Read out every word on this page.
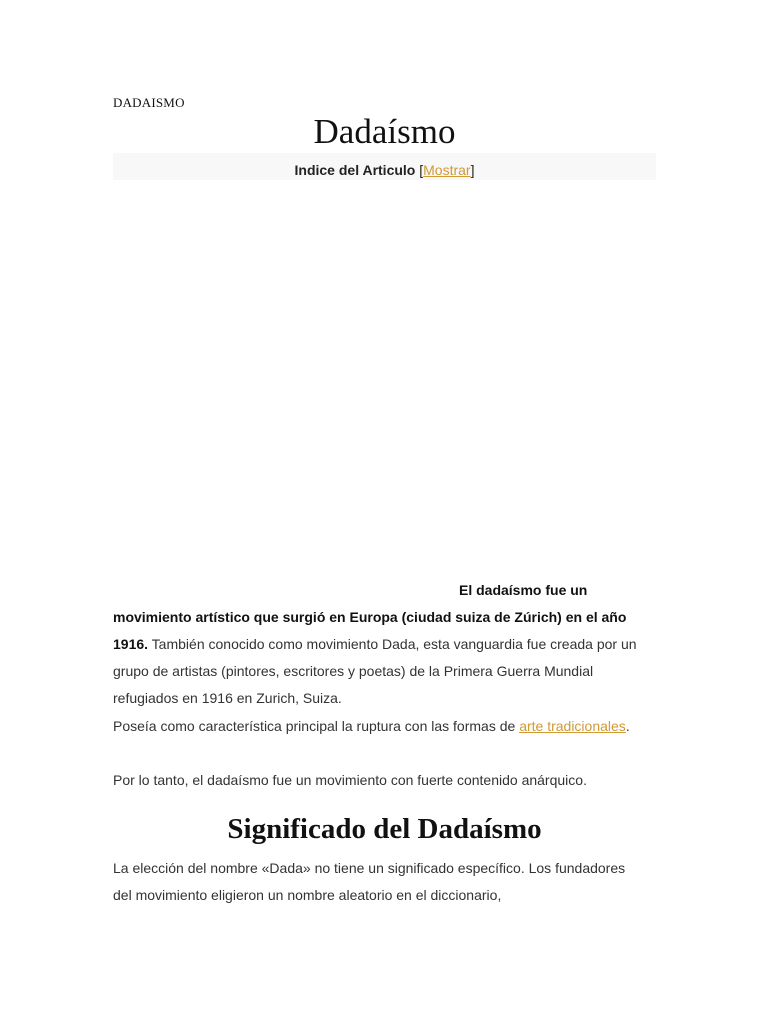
DADAISMO
Dadaísmo
Indice del Articulo [Mostrar]

El dadaísmo fue un movimiento artístico que surgió en Europa (ciudad suiza de Zúrich) en el año 1916. También conocido como movimiento Dada, esta vanguardia fue creada por un grupo de artistas (pintores, escritores y poetas) de la Primera Guerra Mundial refugiados en 1916 en Zurich, Suiza.

Poseía como característica principal la ruptura con las formas de arte tradicionales.

Por lo tanto, el dadaísmo fue un movimiento con fuerte contenido anárquico.

Significado del Dadaísmo

La elección del nombre «Dada» no tiene un significado específico. Los fundadores del movimiento eligieron un nombre aleatorio en el diccionario,
